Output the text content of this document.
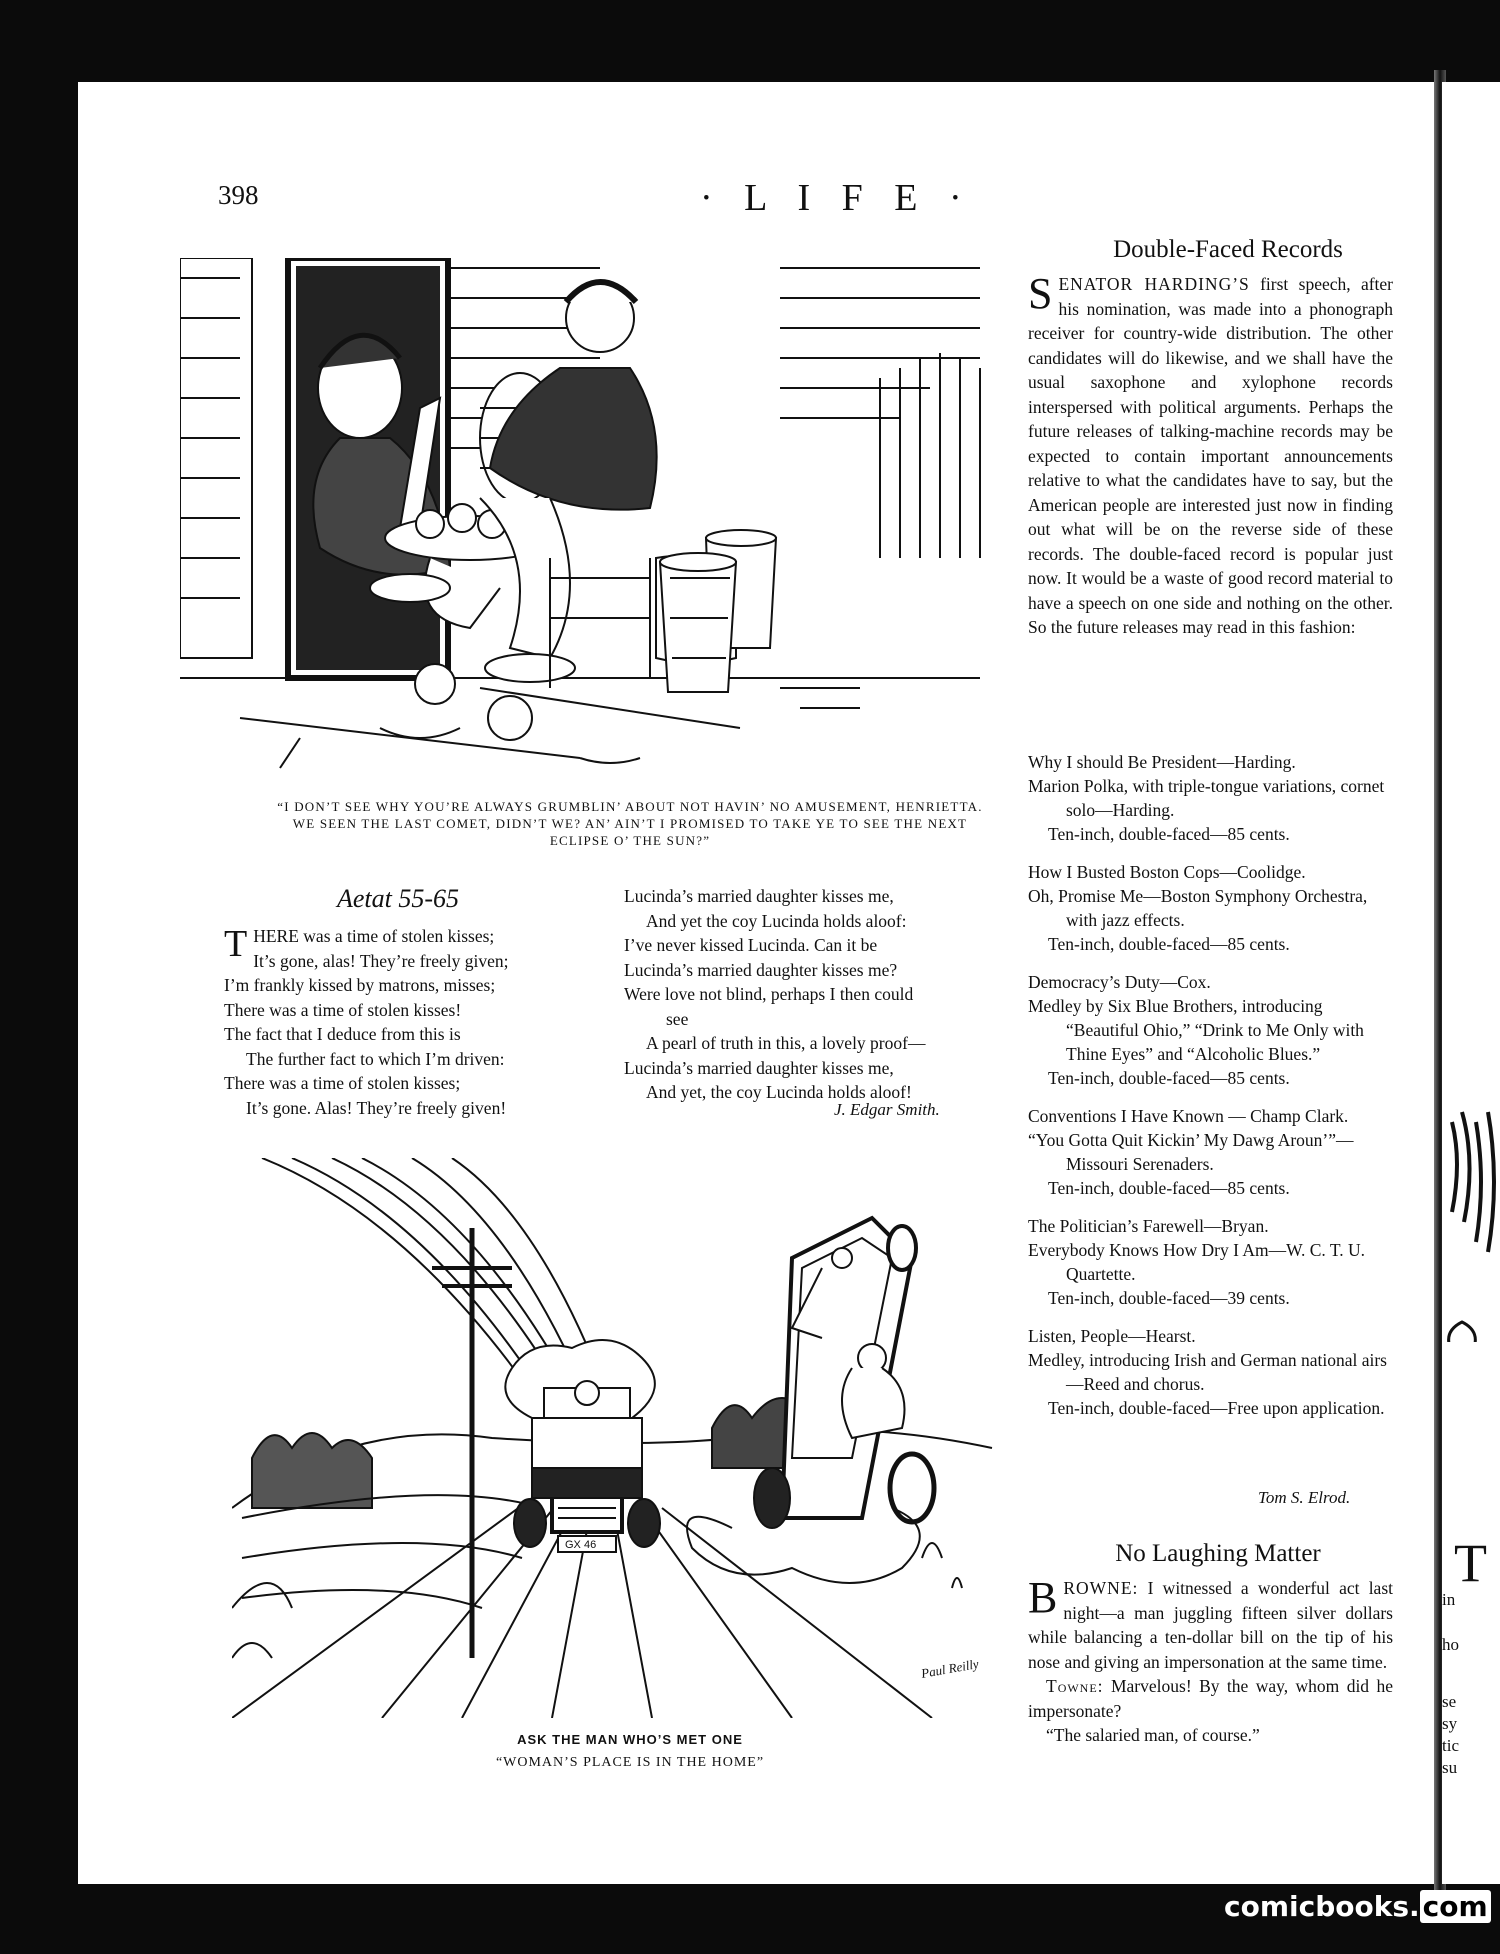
T
in
ho
se
sy
tic
su
398	· L I F E ·
“I DON’T SEE WHY YOU’RE ALWAYS GRUMBLIN’ ABOUT NOT HAVIN’ NO AMUSEMENT, HENRIETTA. WE SEEN THE LAST COMET, DIDN’T WE? AN’ AIN’T I PROMISED TO TAKE YE TO SEE THE NEXT ECLIPSE O’ THE SUN?”
Aetat 55-65
THERE was a time of stolen kisses;
It’s gone, alas! They’re freely given;
I’m frankly kissed by matrons, misses;
There was a time of stolen kisses!
The fact that I deduce from this is
The further fact to which I’m driven:
There was a time of stolen kisses;
It’s gone. Alas! They’re freely given!
Lucinda’s married daughter kisses me,
And yet the coy Lucinda holds aloof:
I’ve never kissed Lucinda. Can it be
Lucinda’s married daughter kisses me?
Were love not blind, perhaps I then could
see
A pearl of truth in this, a lovely proof—
Lucinda’s married daughter kisses me,
And yet, the coy Lucinda holds aloof!
J. Edgar Smith.
GX 46
Paul Reilly
ASK THE MAN WHO’S MET ONE
“WOMAN’S PLACE IS IN THE HOME”
Double-Faced Records

SENATOR HARDING’S first speech, after his nomination, was made into a phonograph receiver for country-wide distribution. The other candidates will do likewise, and we shall have the usual saxophone and xylophone records interspersed with political arguments. Perhaps the future releases of talking-machine records may be expected to contain important announcements relative to what the candidates have to say, but the American people are interested just now in finding out what will be on the reverse side of these records. The double-faced record is popular just now. It would be a waste of good record material to have a speech on one side and nothing on the other. So the future releases may read in this fashion:

Why I should Be President—Harding.
Marion Polka, with triple-tongue variations, cornet solo—Harding.
Ten-inch, double-faced—85 cents.
How I Busted Boston Cops—Coolidge.
Oh, Promise Me—Boston Symphony Orchestra, with jazz effects.
Ten-inch, double-faced—85 cents.
Democracy’s Duty—Cox.
Medley by Six Blue Brothers, introducing “Beautiful Ohio,” “Drink to Me Only with Thine Eyes” and “Alcoholic Blues.”
Ten-inch, double-faced—85 cents.
Conventions I Have Known — Champ Clark.
“You Gotta Quit Kickin’ My Dawg Aroun’”—Missouri Serenaders.
Ten-inch, double-faced—85 cents.
The Politician’s Farewell—Bryan.
Everybody Knows How Dry I Am—W. C. T. U. Quartette.
Ten-inch, double-faced—39 cents.
Listen, People—Hearst.
Medley, introducing Irish and German national airs—Reed and chorus.
Ten-inch, double-faced—Free upon application.
Tom S. Elrod.
No Laughing Matter

BROWNE: I witnessed a wonderful act last night—a man juggling fifteen silver dollars while balancing a ten-dollar bill on the tip of his nose and giving an impersonation at the same time.

Towne: Marvelous! By the way, whom did he impersonate?

“The salaried man, of course.”

comicbooks. com
